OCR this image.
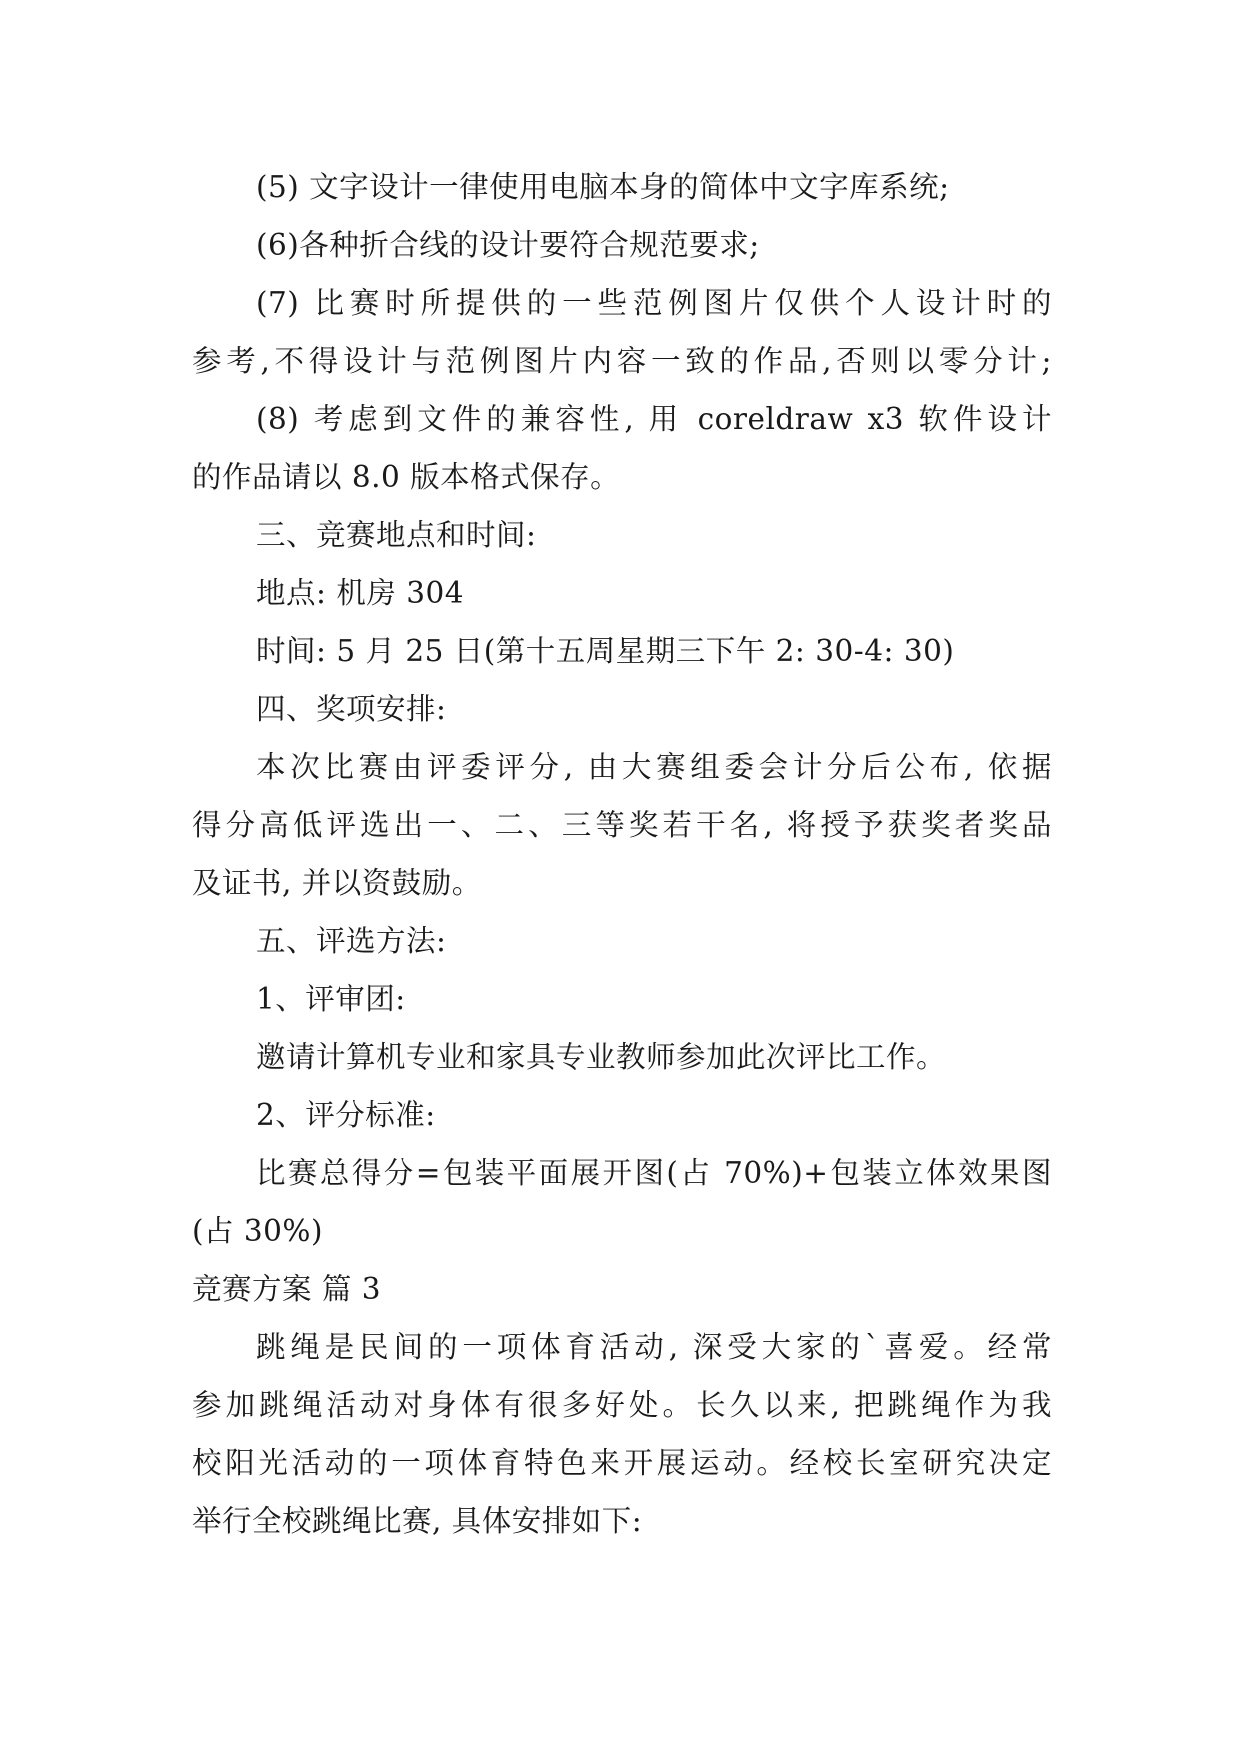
(5) 文字设计一律使用电脑本身的简体中文字库系统;

(6)各种折合线的设计要符合规范要求;

(7) 比赛时所提供的一些范例图片仅供个人设计时的

参考,不得设计与范例图片内容一致的作品,否则以零分计;

(8) 考虑到文件的兼容性, 用 coreldraw x3 软件设计

的作品请以 8.0 版本格式保存。

三、竞赛地点和时间:

地点: 机房 304

时间: 5 月 25 日(第十五周星期三下午 2: 30-4: 30)

四、奖项安排:

本次比赛由评委评分, 由大赛组委会计分后公布, 依据

得分高低评选出一、二、三等奖若干名, 将授予获奖者奖品

及证书, 并以资鼓励。

五、评选方法:

1、评审团:

邀请计算机专业和家具专业教师参加此次评比工作。

2、评分标准:

比赛总得分=包装平面展开图(占 70%)+包装立体效果图

(占 30%)

竞赛方案 篇 3

跳绳是民间的一项体育活动, 深受大家的`喜爱。经常

参加跳绳活动对身体有很多好处。长久以来, 把跳绳作为我

校阳光活动的一项体育特色来开展运动。经校长室研究决定

举行全校跳绳比赛, 具体安排如下:
